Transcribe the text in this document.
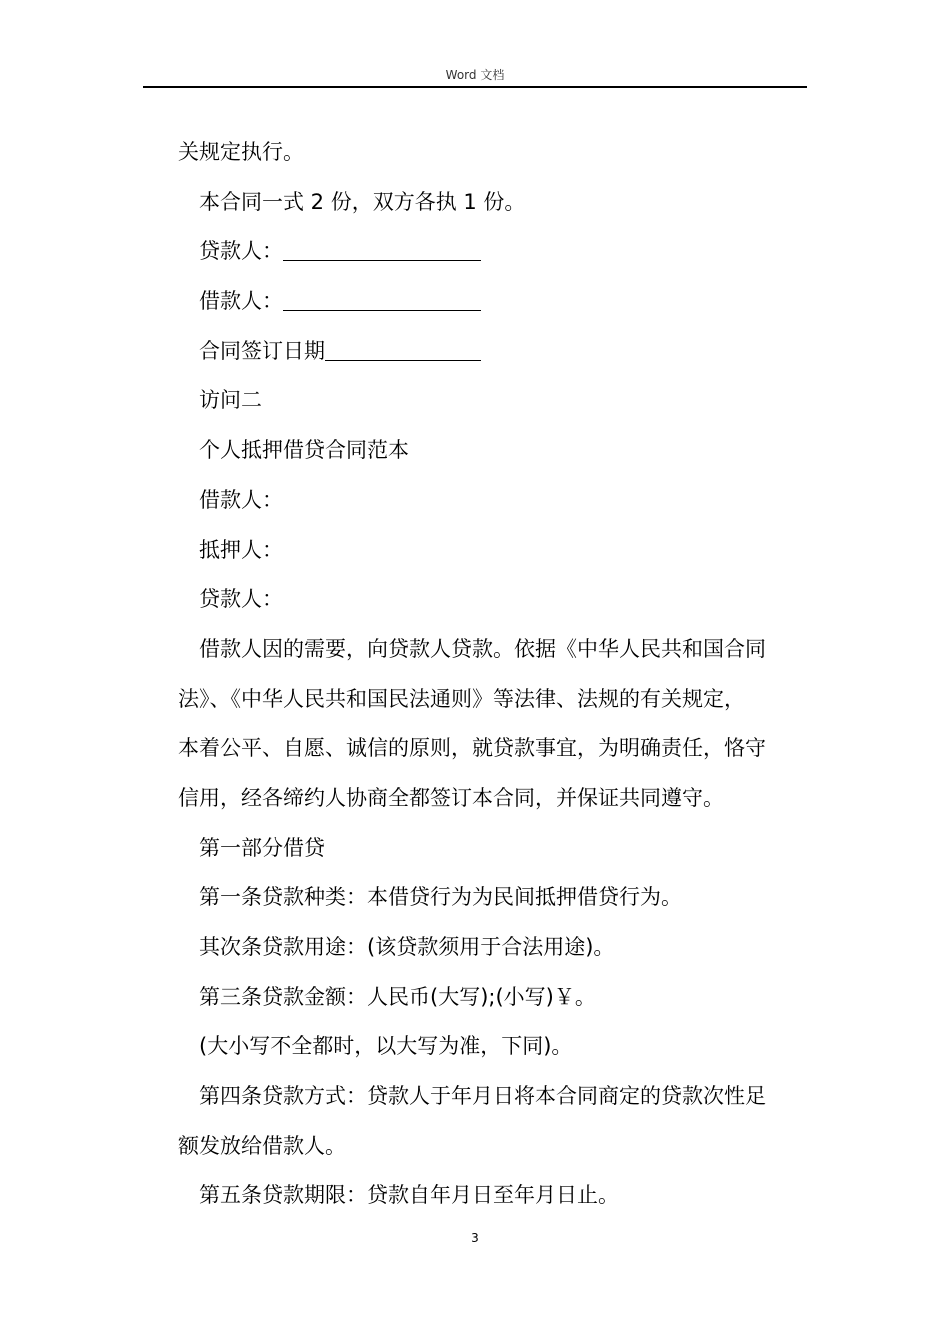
Word 文档
关规定执行。
本合同一式 2 份，双方各执 1 份。
贷款人：
借款人：
合同签订日期
访问二
个人抵押借贷合同范本
借款人：
抵押人：
贷款人：
借款人因的需要，向贷款人贷款。依据《中华人民共和国合同
法》、《中华人民共和国民法通则》等法律、法规的有关规定，
本着公平、自愿、诚信的原则，就贷款事宜，为明确责任，恪守
信用，经各缔约人协商全都签订本合同，并保证共同遵守。
第一部分借贷
第一条贷款种类：本借贷行为为民间抵押借贷行为。
其次条贷款用途：(该贷款须用于合法用途)。
第三条贷款金额：人民币(大写);(小写)￥。
(大小写不全都时，以大写为准，下同)。
第四条贷款方式：贷款人于年月日将本合同商定的贷款次性足
额发放给借款人。
第五条贷款期限：贷款自年月日至年月日止。
3
